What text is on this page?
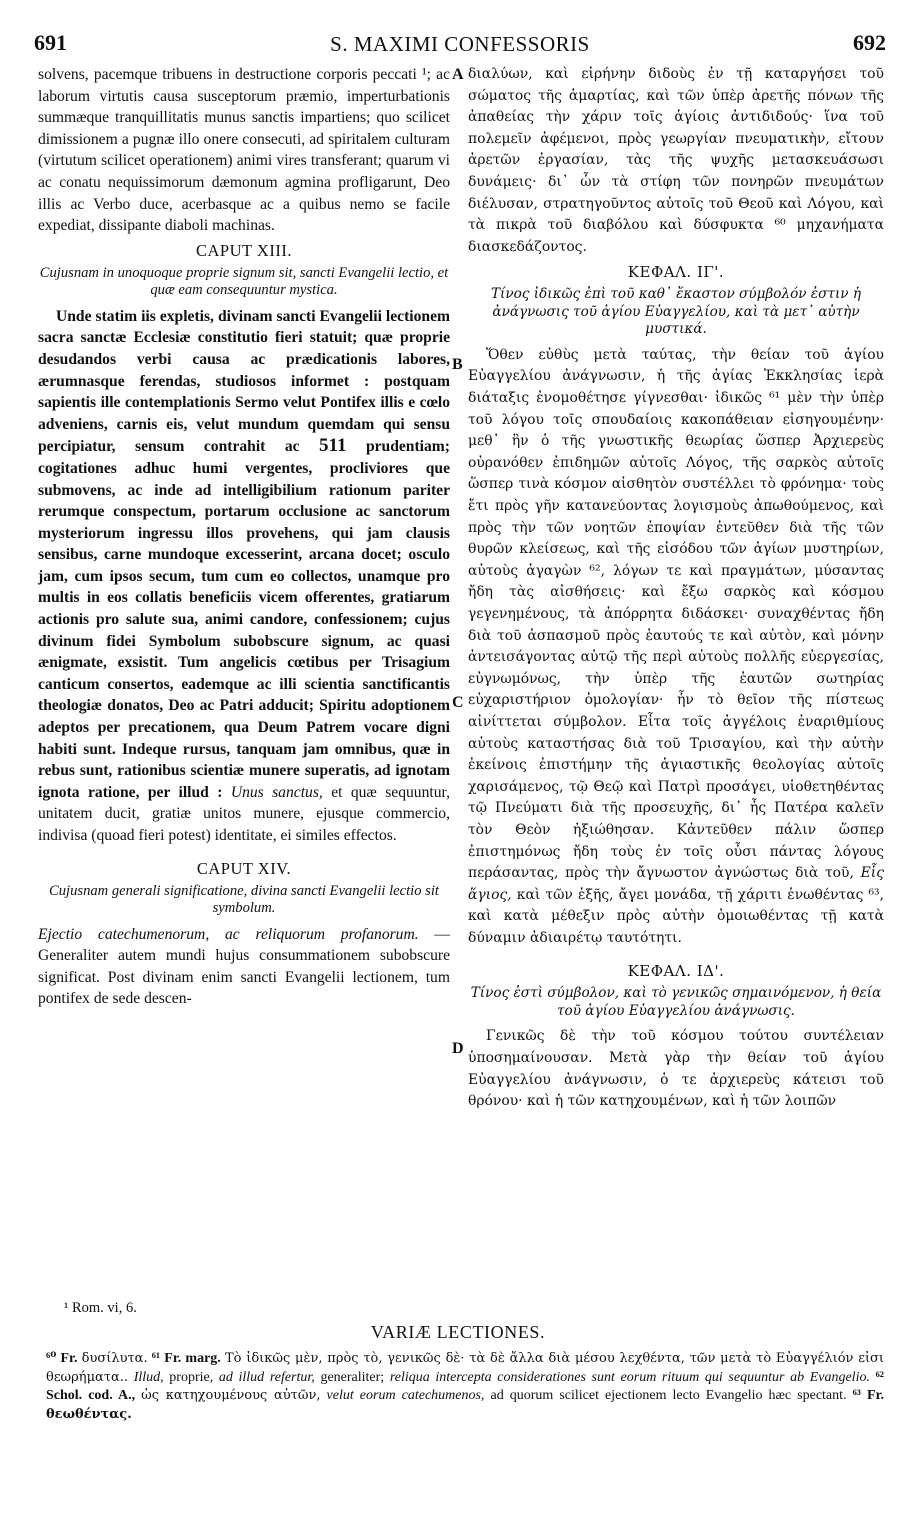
691	S. MAXIMI CONFESSORIS	692
A
B
C
D

solvens, pacemque tribuens in destructione corporis peccati ¹; ac laborum virtutis causa susceptorum præmio, imperturbationis summæque tranquillitatis munus sanctis impartiens; quo scilicet dimissionem a pugnæ illo onere consecuti, ad spiritalem culturam (virtutum scilicet operationem) animi vires transferant; quarum vi ac conatu nequissimorum dæmonum agmina profligarunt, Deo illis ac Verbo duce, acerbasque ac a quibus nemo se facile expediat, dissipante diaboli machinas.

CAPUT XIII.
Cujusnam in unoquoque proprie signum sit, sancti Evangelii lectio, et quæ eam consequuntur mystica.

Unde statim iis expletis, divinam sancti Evangelii lectionem sacra sanctæ Ecclesiæ constitutio fieri statuit; quæ proprie desudandos verbi causa ac prædicationis labores, ærumnasque ferendas, studiosos informet : postquam sapientis ille contemplationis Sermo velut Pontifex illis e cœlo adveniens, carnis eis, velut mundum quemdam qui sensu percipiatur, sensum contrahit ac 511 prudentiam; cogitationes adhuc humi vergentes, procliviores que submovens, ac inde ad intelligibilium rationum pariter rerumque conspectum, portarum occlusione ac sanctorum mysteriorum ingressu illos provehens, qui jam clausis sensibus, carne mundoque excesserint, arcana docet; osculo jam, cum ipsos secum, tum cum eo collectos, unamque pro multis in eos collatis beneficiis vicem offerentes, gratiarum actionis pro salute sua, animi candore, confessionem; cujus divinum fidei Symbolum subobscure signum, ac quasi ænigmate, exsistit. Tum angelicis cœtibus per Trisagium canticum consertos, eademque ac illi scientia sanctificantis theologiæ donatos, Deo ac Patri adducit; Spiritu adoptionem adeptos per precationem, qua Deum Patrem vocare digni habiti sunt. Indeque rursus, tanquam jam omnibus, quæ in rebus sunt, rationibus scientiæ munere superatis, ad ignotam ignota ratione, per illud : Unus sanctus, et quæ sequuntur, unitatem ducit, gratiæ unitos munere, ejusque commercio, indivisa (quoad fieri potest) identitate, ei similes effectos.

CAPUT XIV.
Cujusnam generali significatione, divina sancti Evangelii lectio sit symbolum.

Ejectio catechumenorum, ac reliquorum profanorum. —Generaliter autem mundi hujus consummationem subobscure significat. Post divinam enim sancti Evangelii lectionem, tum pontifex de sede descen-

διαλύων, καὶ εἰρήνην διδοὺς ἐν τῇ καταργήσει τοῦ σώματος τῆς ἁμαρτίας, καὶ τῶν ὑπὲρ ἀρετῆς πόνων τῆς ἀπαθείας τὴν χάριν τοῖς ἁγίοις ἀντιδιδούς· ἵνα τοῦ πολεμεῖν ἀφέμενοι, πρὸς γεωργίαν πνευματικὴν, εἴτουν ἀρετῶν ἐργασίαν, τὰς τῆς ψυχῆς μετασκευάσωσι δυνάμεις· δι᾽ ὧν τὰ στίφη τῶν πονηρῶν πνευμάτων διέλυσαν, στρατηγοῦντος αὐτοῖς τοῦ Θεοῦ καὶ Λόγου, καὶ τὰ πικρὰ τοῦ διαβόλου καὶ δύσφυκτα ⁶⁰ μηχανήματα διασκεδάζοντος.

ΚΕΦΑΛ. ΙΓ'.
Τίνος ἰδικῶς ἐπὶ τοῦ καθ᾽ ἕκαστον σύμβολόν ἐστιν ἡ ἀνάγνωσις τοῦ ἁγίου Εὐαγγελίου, καὶ τὰ μετ᾽ αὐτὴν μυστικά.

Ὅθεν εὐθὺς μετὰ ταύτας, τὴν θείαν τοῦ ἁγίου Εὐαγγελίου ἀνάγνωσιν, ἡ τῆς ἁγίας Ἐκκλησίας ἱερὰ διάταξις ἐνομοθέτησε γίγνεσθαι· ἰδικῶς ⁶¹ μὲν τὴν ὑπὲρ τοῦ λόγου τοῖς σπουδαίοις κακοπάθειαν εἰσηγουμένην· μεθ᾽ ἣν ὁ τῆς γνωστικῆς θεωρίας ὥσπερ Ἀρχιερεὺς οὐρανόθεν ἐπιδημῶν αὐτοῖς Λόγος, τῆς σαρκὸς αὐτοῖς ὥσπερ τινὰ κόσμον αἰσθητὸν συστέλλει τὸ φρόνημα· τοὺς ἔτι πρὸς γῆν κατανεύοντας λογισμοὺς ἀπωθούμενος, καὶ πρὸς τὴν τῶν νοητῶν ἐποψίαν ἐντεῦθεν διὰ τῆς τῶν θυρῶν κλείσεως, καὶ τῆς εἰσόδου τῶν ἁγίων μυστηρίων, αὐτοὺς ἀγαγὼν ⁶², λόγων τε καὶ πραγμάτων, μύσαντας ἤδη τὰς αἰσθήσεις· καὶ ἔξω σαρκὸς καὶ κόσμου γεγενημένους, τὰ ἀπόρρητα διδάσκει· συναχθέντας ἤδη διὰ τοῦ ἀσπασμοῦ πρὸς ἑαυτούς τε καὶ αὐτὸν, καὶ μόνην ἀντεισάγοντας αὐτῷ τῆς περὶ αὐτοὺς πολλῆς εὐεργεσίας, εὐγνωμόνως, τὴν ὑπὲρ τῆς ἑαυτῶν σωτηρίας εὐχαριστήριον ὁμολογίαν· ἧν τὸ θεῖον τῆς πίστεως αἰνίττεται σύμβολον. Εἶτα τοῖς ἀγγέλοις ἐναριθμίους αὐτοὺς καταστήσας διὰ τοῦ Τρισαγίου, καὶ τὴν αὐτὴν ἐκείνοις ἐπιστήμην τῆς ἁγιαστικῆς θεολογίας αὐτοῖς χαρισάμενος, τῷ Θεῷ καὶ Πατρὶ προσάγει, υἱοθετηθέντας τῷ Πνεύματι διὰ τῆς προσευχῆς, δι᾽ ἧς Πατέρα καλεῖν τὸν Θεὸν ἠξιώθησαν. Κἀντεῦθεν πάλιν ὥσπερ ἐπιστημόνως ἤδη τοὺς ἐν τοῖς οὖσι πάντας λόγους περάσαντας, πρὸς τὴν ἄγνωστον ἀγνώστως διὰ τοῦ, Εἷς ἅγιος, καὶ τῶν ἑξῆς, ἄγει μονάδα, τῇ χάριτι ἑνωθέντας ⁶³, καὶ κατὰ μέθεξιν πρὸς αὐτὴν ὁμοιωθέντας τῇ κατὰ δύναμιν ἀδιαιρέτῳ ταυτότητι.

ΚΕΦΑΛ. ΙΔ'.
Τίνος ἐστὶ σύμβολον, καὶ τὸ γενικῶς σημαινόμενον, ἡ θεία τοῦ ἁγίου Εὐαγγελίου ἀνάγνωσις.

Γενικῶς δὲ τὴν τοῦ κόσμου τούτου συντέλειαν ὑποσημαίνουσαν. Μετὰ γὰρ τὴν θείαν τοῦ ἁγίου Εὐαγγελίου ἀνάγνωσιν, ὁ τε ἀρχιερεὺς κάτεισι τοῦ θρόνου· καὶ ἡ τῶν κατηχουμένων, καὶ ἡ τῶν λοιπῶν

¹ Rom. vi, 6.
VARIÆ LECTIONES.
⁶⁰ Fr. δυσίλυτα. ⁶¹ Fr. marg. Τὸ ἰδικῶς μὲν, πρὸς τὸ, γενικῶς δὲ· τὰ δὲ ἄλλα διὰ μέσου λεχθέντα, τῶν μετὰ τὸ Εὐαγγέλιόν εἰσι θεωρήματα.. Illud, proprie, ad illud refertur, generaliter; reliqua intercepta considerationes sunt eorum rituum qui sequuntur ab Evangelio. ⁶² Schol. cod. A., ὡς κατηχουμένους αὐτῶν, velut eorum catechumenos, ad quorum scilicet ejectionem lecto Evangelio hæc spectant. ⁶³ Fr. θεωθέντας.
